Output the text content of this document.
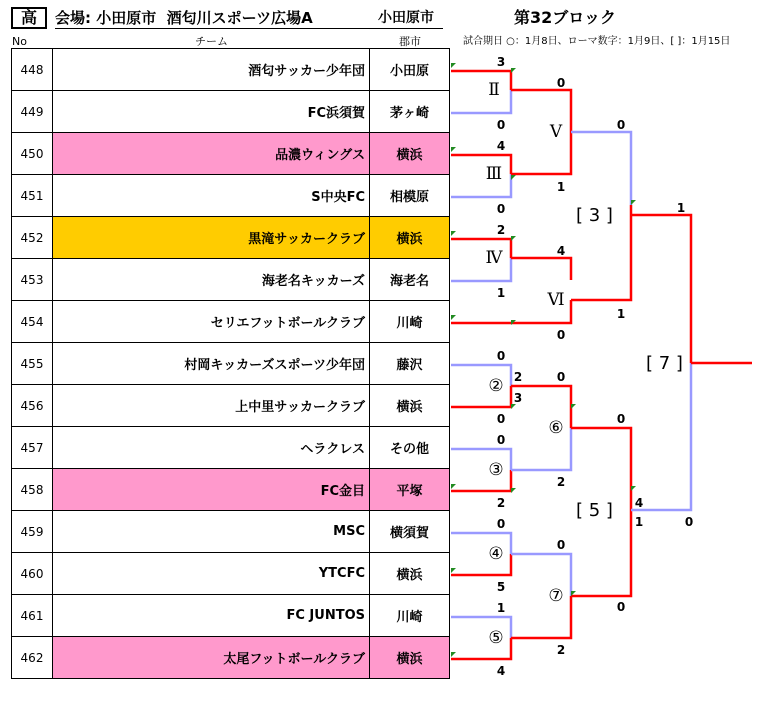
高	会場: 小田原市  酒匂川スポーツ広場A	小田原市	第32ブロック
No	チーム	郡市	試合期日 ○：1月8日、ローマ数字：1月9日、[ ]：1月15日
448	酒匂サッカー少年団	小田原
449	FC浜須賀	茅ヶ崎
450	品濃ウィングス	横浜
451	S中央FC	相模原
452	黒滝サッカークラブ	横浜
453	海老名キッカーズ	海老名
454	セリエフットボールクラブ	川崎
455	村岡キッカーズスポーツ少年団	藤沢
456	上中里サッカークラブ	横浜
457	ヘラクレス	その他
458	FC金目	平塚
459	MSC	横須賀
460	YTCFC	横浜
461	FC JUNTOS	川崎
462	太尾フットボールクラブ	横浜
Ⅱ
Ⅲ
Ⅳ
Ⅴ
Ⅵ
②
③
④
⑤
⑥
⑦
[ 3 ]
[ 5 ]
[ 7 ]
3
0
4
0
2
1
0
1
4
0
1
0
1
0
2
3
0
0
2
0
2
0
4
1	0
0
5
1
4
0
2
0
